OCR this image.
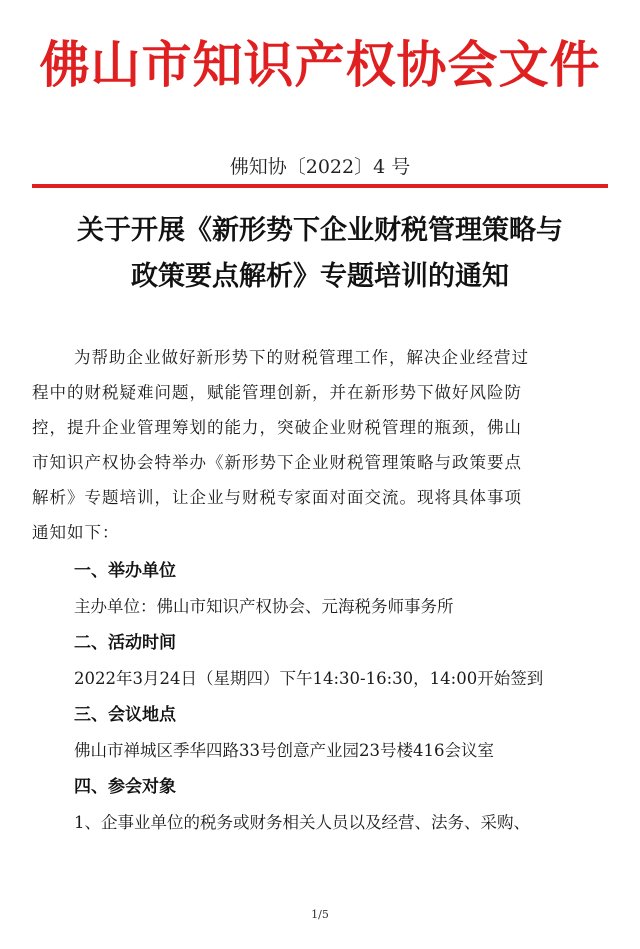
佛山市知识产权协会文件
佛知协〔2022〕4 号
关于开展《新形势下企业财税管理策略与
政策要点解析》专题培训的通知

为帮助企业做好新形势下的财税管理工作，解决企业经营过
程中的财税疑难问题，赋能管理创新，并在新形势下做好风险防
控，提升企业管理筹划的能力，突破企业财税管理的瓶颈，佛山
市知识产权协会特举办《新形势下企业财税管理策略与政策要点
解析》专题培训，让企业与财税专家面对面交流。现将具体事项
通知如下：

一、举办单位
主办单位：佛山市知识产权协会、元海税务师事务所
二、活动时间
2022年3月24日（星期四）下午14:30-16:30，14:00开始签到
三、会议地点
佛山市禅城区季华四路33号创意产业园23号楼416会议室
四、参会对象
1、企事业单位的税务或财务相关人员以及经营、法务、采购、
1/5
